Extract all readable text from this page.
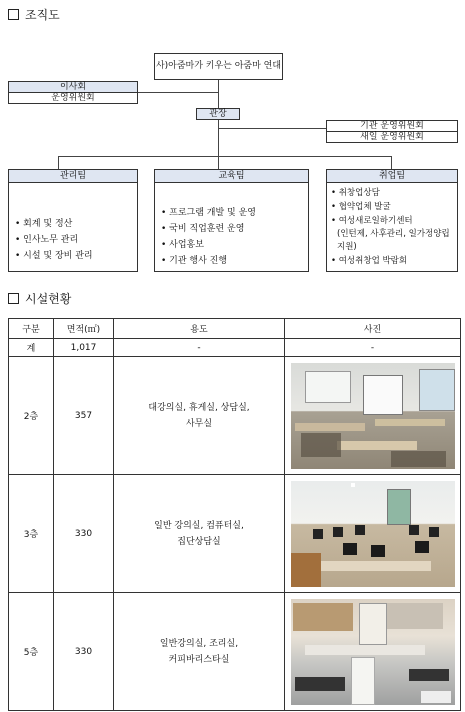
조직도
사)아줌마가 키우는 아줌마 연대
이사회
운영위원회
관장
기관 운영위원회
새일 운영위원회
관리팀
• 회계 및 정산
• 인사노무 관리
• 시설 및 장비 관리
교육팀
• 프로그램 개발 및 운영
• 국비 직업훈련 운영
• 사업홍보
• 기관 행사 진행
취업팀
• 취창업상담
• 협약업체 발굴
• 여성새로일하기센터
(인턴제, 사후관리, 일가정양립지원)
• 여성취창업 박람회
시설현황
구분	면적(㎡)	용도	사진
계	1,017	-	-
2층	357	대강의실, 휴게실, 상담실,
사무실	

3층	330	일반 강의실, 컴퓨터실,
집단상담실	

5층	330	일반강의실, 조리실,
커피바리스타실	
